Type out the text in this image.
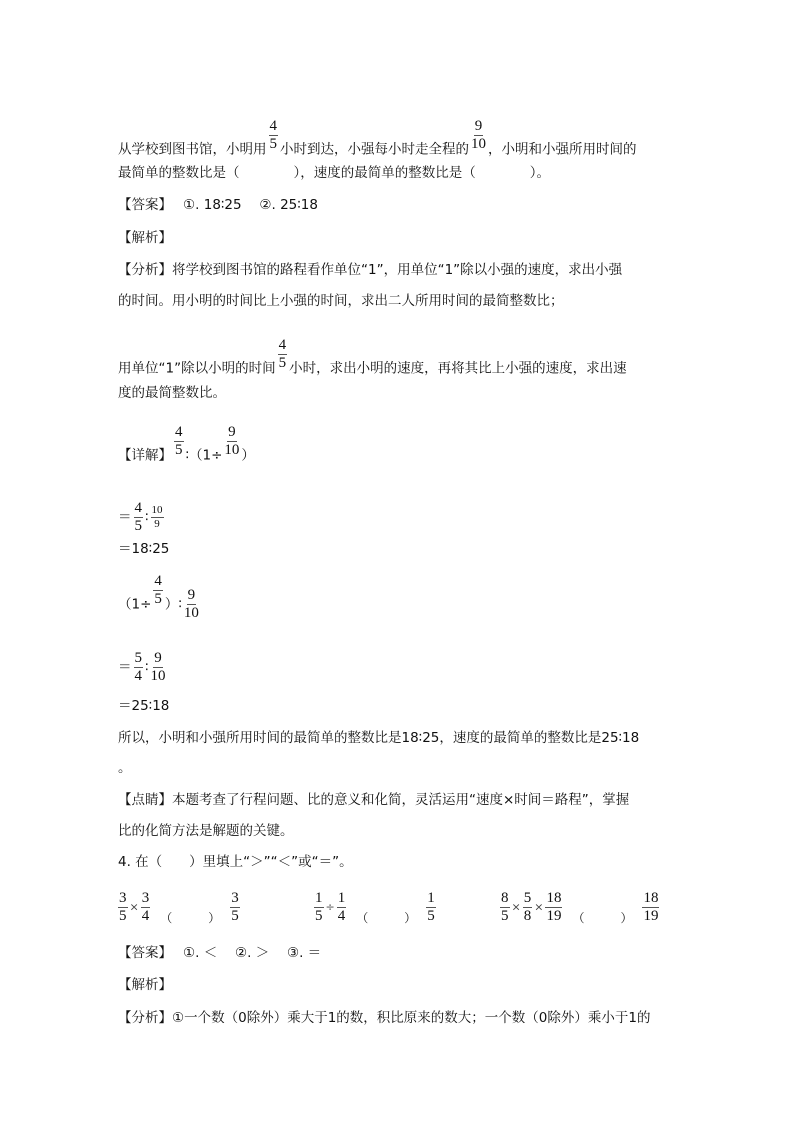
从学校到图书馆，小明用 $\frac{4}{5}$ 小时到达，小强每小时走全程的 $\frac{9}{10}$ ，小明和小强所用时间的
最简单的整数比是（　　　　），速度的最简单的整数比是（　　　　）。
【答案】　 ①. 18∶25　 ②. 25∶18
【解析】
【分析】将学校到图书馆的路程看作单位“1”，用单位“1”除以小强的速度，求出小强
的时间。用小明的时间比上小强的时间，求出二人所用时间的最简整数比；
用单位“1”除以小明的时间 $\frac{4}{5}$ 小时，求出小明的速度，再将其比上小强的速度，求出速
度的最简整数比。
【详解】 $\frac{4}{5}$ ∶（1÷ $\frac{9}{10}$ ）
＝ $\frac{4}{5}$ ∶ $\frac{10}{9}$
＝18∶25
（$1\div \frac{4}{5}$ ）∶ $\frac{9}{10}$
＝ $\frac{5}{4}$ ∶ $\frac{9}{10}$
＝25∶18
所以，小明和小强所用时间的最简单的整数比是18∶25，速度的最简单的整数比是25∶18
。
【点睛】本题考查了行程问题、比的意义和化简，灵活运用“速度×时间＝路程”，掌握
比的化简方法是解题的关键。
4. 在（　　）里填上“＞”“＜”或“＝”。
$\frac{3}{5} \times \frac{3}{4}$ （　　　） $\frac{3}{5}$	$\frac{1}{5} \div \frac{1}{4}$ （　　　） $\frac{1}{5}$	$\frac{8}{5} \times \frac{5}{8} \times \frac{18}{19}$ （　　　） $\frac{18}{19}$
【答案】　 ①. ＜　 ②. ＞　 ③. ＝
【解析】
【分析】①一个数（0除外）乘大于1的数，积比原来的数大；一个数（0除外）乘小于1的
